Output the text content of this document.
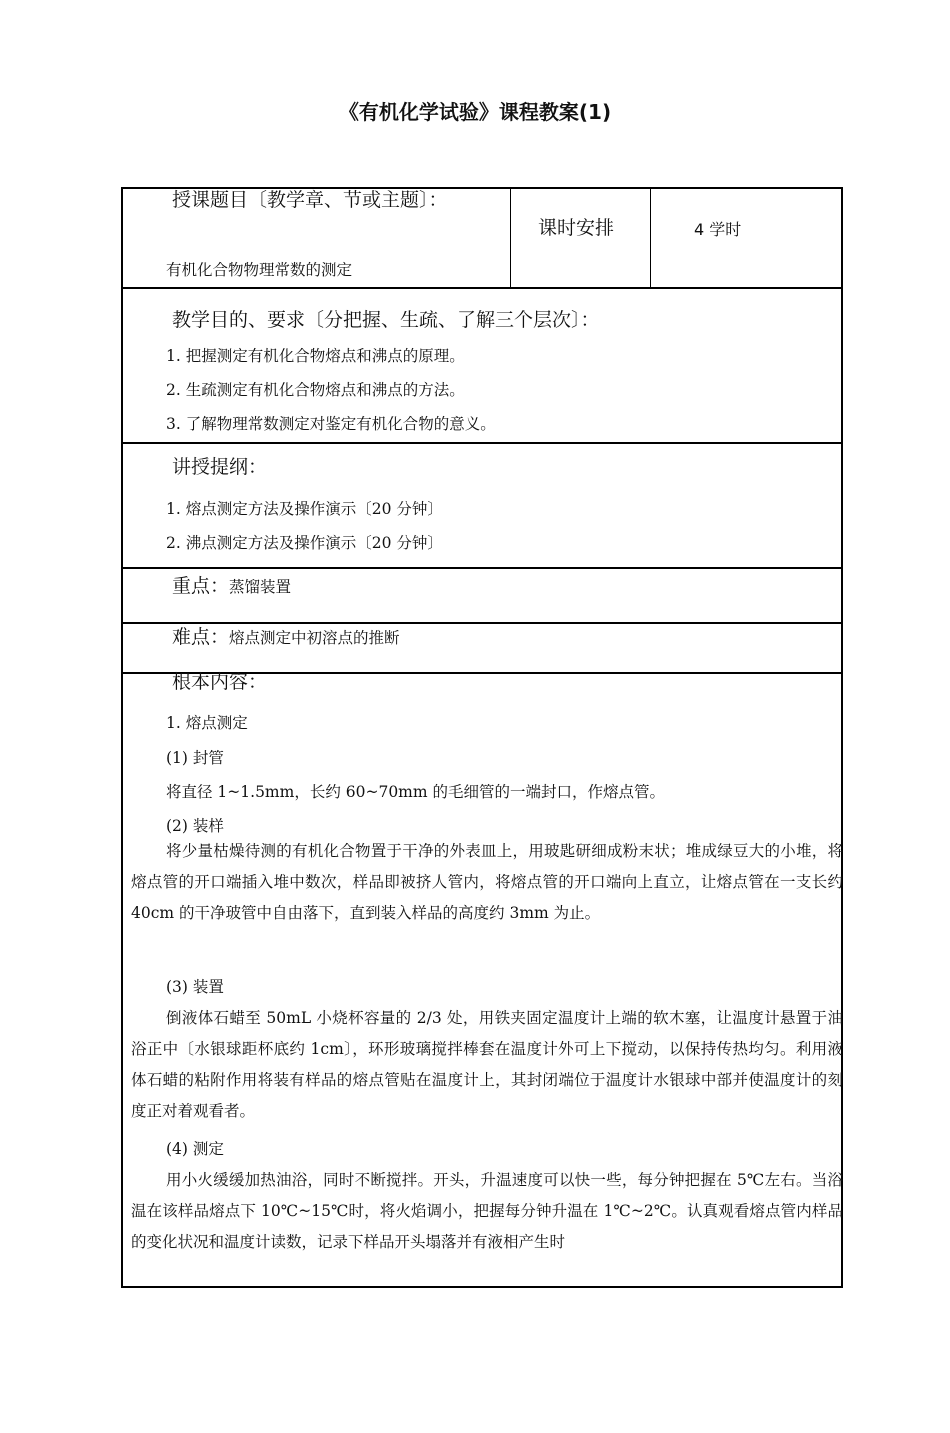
《有机化学试验》课程教案(1)
授课题目〔教学章、节或主题〕：
有机化合物物理常数的测定
课时安排	4 学时
教学目的、要求〔分把握、生疏、了解三个层次〕：
1. 把握测定有机化合物熔点和沸点的原理。
2. 生疏测定有机化合物熔点和沸点的方法。
3. 了解物理常数测定对鉴定有机化合物的意义。
讲授提纲：
1. 熔点测定方法及操作演示〔20 分钟〕
2. 沸点测定方法及操作演示〔20 分钟〕
重点：蒸馏装置
难点：熔点测定中初溶点的推断
根本内容：
1. 熔点测定
(1) 封管
将直径 1~1.5mm，长约 60~70mm 的毛细管的一端封口，作熔点管。
(2) 装样
将少量枯燥待测的有机化合物置于干净的外表皿上，用玻匙研细成粉末状；堆成绿豆大的小堆，将熔点管的开口端插入堆中数次，样品即被挤人管内，将熔点管的开口端向上直立，让熔点管在一支长约 40cm 的干净玻管中自由落下，直到装入样品的高度约 3mm 为止。
(3) 装置
倒液体石蜡至 50mL 小烧杯容量的 2/3 处，用铁夹固定温度计上端的软木塞，让温度计悬置于油浴正中〔水银球距杯底约 1cm〕，环形玻璃搅拌棒套在温度计外可上下搅动，以保持传热均匀。利用液体石蜡的粘附作用将装有样品的熔点管贴在温度计上，其封闭端位于温度计水银球中部并使温度计的刻度正对着观看者。
(4) 测定
用小火缓缓加热油浴，同时不断搅拌。开头，升温速度可以快一些，每分钟把握在 5℃左右。当浴温在该样品熔点下 10℃~15℃时，将火焰调小，把握每分钟升温在 1℃~2℃。认真观看熔点管内样品的变化状况和温度计读数，记录下样品开头塌落并有液相产生时
